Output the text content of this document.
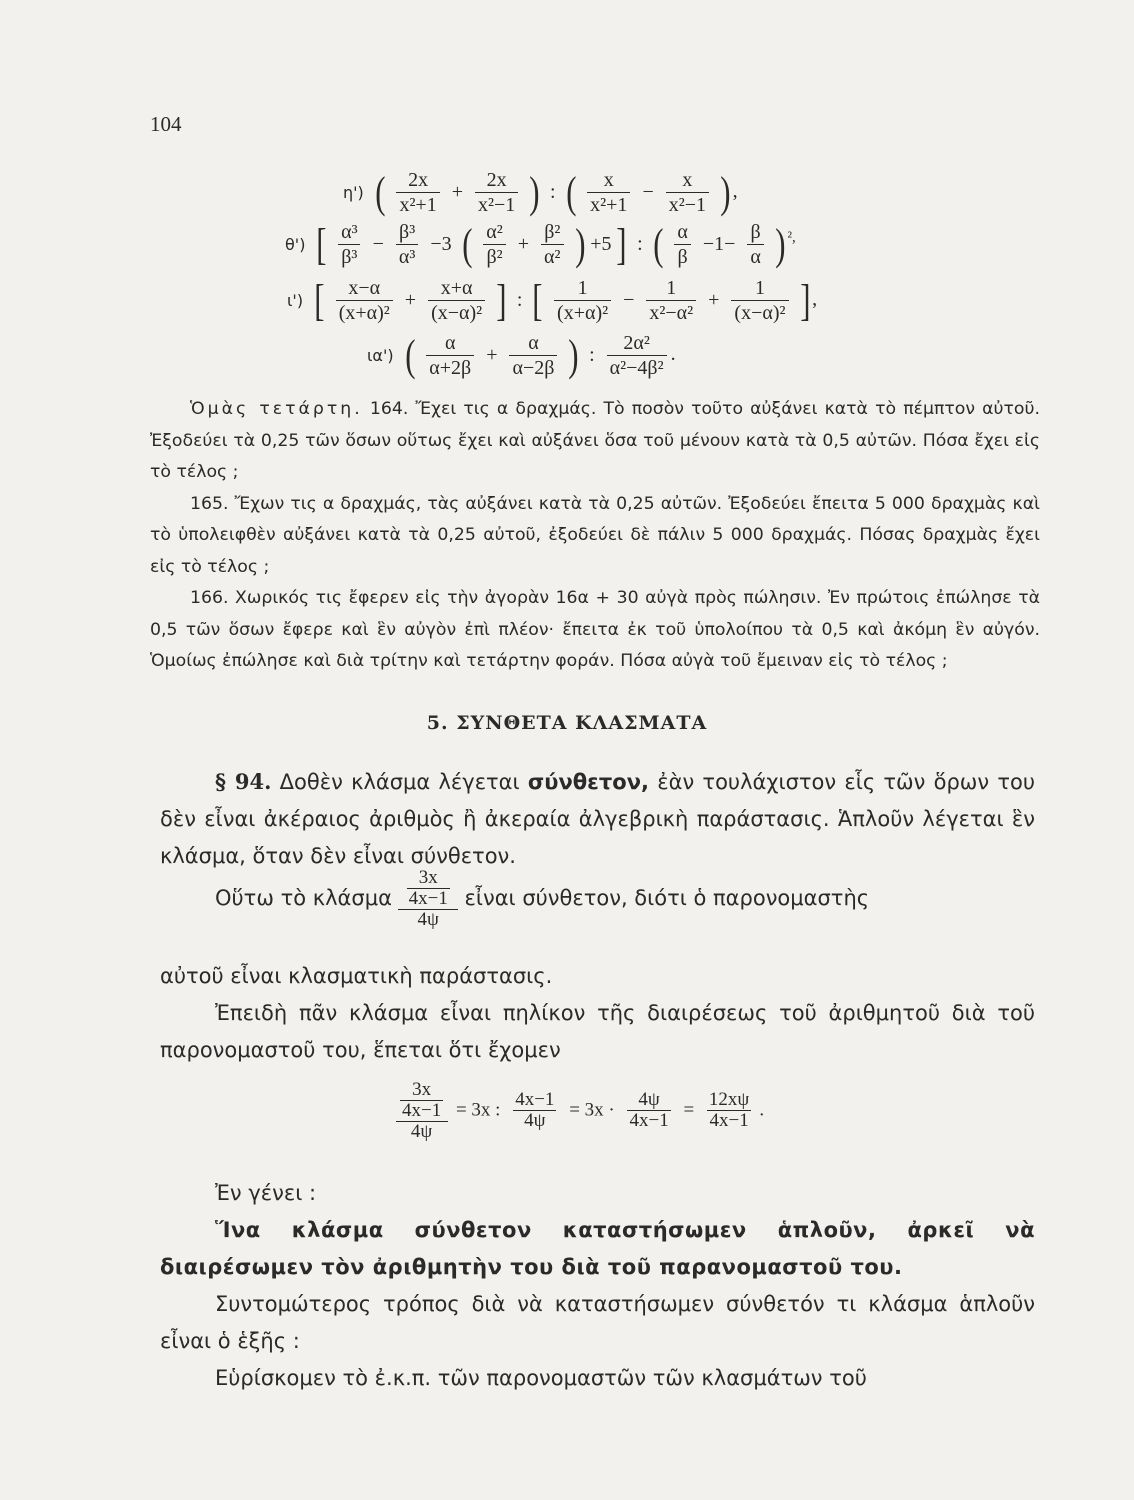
104
η') ( $\frac{2x}{\text{x²+1}} + \frac{2x}{\text{x²−1}}$ ) : ( $\frac{x}{\text{x²+1}} - \frac{x}{\text{x²−1}}$ ) ,
θ') [ $\frac{\text{α³}}{\text{β³}} - \frac{\text{β³}}{\text{α³}} -3$ ( $\frac{\text{α²}}{\text{β²}} + \frac{\text{β²}}{\text{α²}}$ ) +5 ] : ( $\frac{\alpha}{\beta} -1- \frac{\beta}{\alpha}$ ) $^{^2,}$
ι') [ $\frac{x-\alpha}{\text{(x+α)²}} + \frac{x+\alpha}{\text{(x−α)²}}$ ] : [ $\frac{1}{\text{(x+α)²}} - \frac{1}{\text{x²−α²}} + \frac{1}{\text{(x−α)²}}$ ] ,
ια') ( $\frac{\alpha}{\alpha+2\beta} + \frac{\alpha}{\alpha-2\beta}$ ) : $\frac{\text{2α²}}{\text{α²−4β²}}$ .

Ὁμὰς τετάρτη. 164. Ἔχει τις α δραχμάς. Τὸ ποσὸν τοῦτο αὐξάνει κατὰ τὸ πέμπτον αὐτοῦ. Ἐξοδεύει τὰ 0,25 τῶν ὅσων οὕτως ἔχει καὶ αὐξάνει ὅσα τοῦ μένουν κατὰ τὰ 0,5 αὐτῶν. Πόσα ἔχει εἰς τὸ τέλος ;

165. Ἔχων τις α δραχμάς, τὰς αὐξάνει κατὰ τὰ 0,25 αὐτῶν. Ἐξοδεύει ἔπειτα 5 000 δραχμὰς καὶ τὸ ὑπολειφθὲν αὐξάνει κατὰ τὰ 0,25 αὐτοῦ, ἐξοδεύει δὲ πάλιν 5 000 δραχμάς. Πόσας δραχμὰς ἔχει εἰς τὸ τέλος ;

166. Χωρικός τις ἔφερεν εἰς τὴν ἀγορὰν 16α + 30 αὐγὰ πρὸς πώλησιν. Ἐν πρώτοις ἐπώλησε τὰ 0,5 τῶν ὅσων ἔφερε καὶ ἓν αὐγὸν ἐπὶ πλέον· ἔπειτα ἐκ τοῦ ὑπολοίπου τὰ 0,5 καὶ ἀκόμη ἓν αὐγόν. Ὁμοίως ἐπώλησε καὶ διὰ τρίτην καὶ τετάρτην φοράν. Πόσα αὐγὰ τοῦ ἔμειναν εἰς τὸ τέλος ;

5. ΣΥΝΘΕΤΑ ΚΛΑΣΜΑΤΑ

§ 94. Δοθὲν κλάσμα λέγεται σύνθετον, ἐὰν τουλάχιστον εἷς τῶν ὅρων του δὲν εἶναι ἀκέραιος ἀριθμὸς ἢ ἀκεραία ἀλγεβρικὴ παράστασις. Ἁπλοῦν λέγεται ἓν κλάσμα, ὅταν δὲν εἶναι σύνθετον.

Οὕτω τὸ κλάσμα
3x
4x−1
4ψ
εἶναι σύνθετον, διότι ὁ παρονομαστὴς

αὐτοῦ εἶναι κλασματικὴ παράστασις.

Ἐπειδὴ πᾶν κλάσμα εἶναι πηλίκον τῆς διαιρέσεως τοῦ ἀριθμητοῦ διὰ τοῦ παρονομαστοῦ του, ἕπεται ὅτι ἔχομεν

3x
4x−1
4ψ
= 3x : $\frac{4x-1}{4\psi} = 3x \cdot \frac{4\psi}{4x-1} = \frac{12x\psi}{4x-1}$ .

Ἐν γένει :

Ἵνα κλάσμα σύνθετον καταστήσωμεν ἁπλοῦν, ἀρκεῖ νὰ διαιρέσωμεν τὸν ἀριθμητὴν του διὰ τοῦ παρανομαστοῦ του.

Συντομώτερος τρόπος διὰ νὰ καταστήσωμεν σύνθετόν τι κλάσμα ἁπλοῦν εἶναι ὁ ἑξῆς :

Εὑρίσκομεν τὸ ἐ.κ.π. τῶν παρονομαστῶν τῶν κλασμάτων τοῦ
